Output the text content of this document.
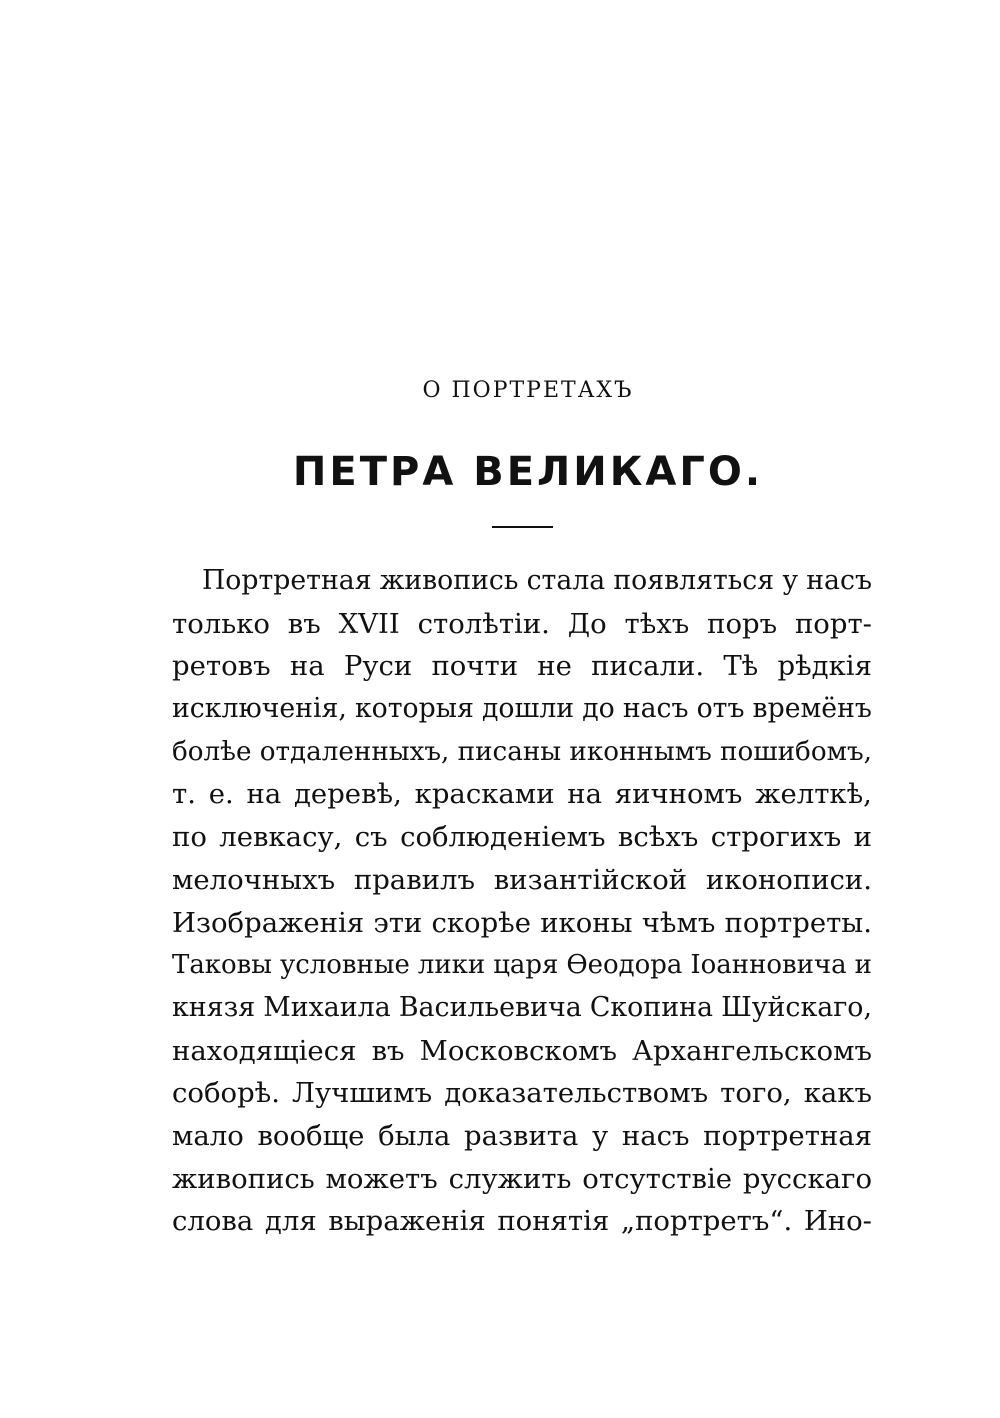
О ПОРТРЕТАХЪ
ПЕТРА ВЕЛИКАГО.
Портретная живопись стала появляться у насъ
только въ XVII столѣтіи. До тѣхъ поръ порт-
ретовъ на Руси почти не писали. Тѣ рѣдкія
исключенія, которыя дошли до насъ отъ времёнъ
болѣе отдаленныхъ, писаны иконнымъ пошибомъ,
т. е. на деревѣ, красками на яичномъ желткѣ,
по левкасу, съ соблюденіемъ всѣхъ строгихъ и
мелочныхъ правилъ византійской иконописи.
Изображенія эти скорѣе иконы чѣмъ портреты.
Таковы условные лики царя Ѳеодора Іоанновича и
князя Михаила Васильевича Скопина Шуйскаго,
находящіеся въ Московскомъ Архангельскомъ
соборѣ. Лучшимъ доказательствомъ того, какъ
мало вообще была развита у насъ портретная
живопись можетъ служить отсутствіе русскаго
слова для выраженія понятія „портретъ“. Ино-
